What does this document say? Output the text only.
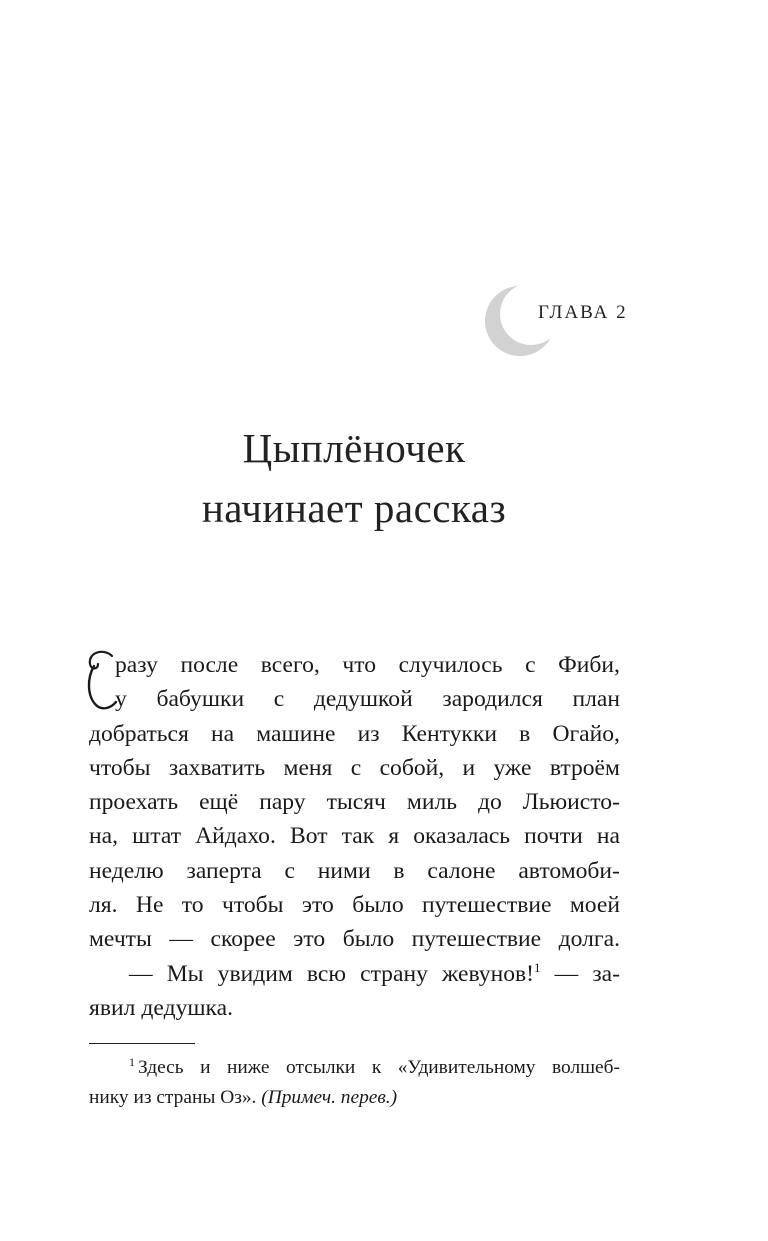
ГЛАВА 2
Цыплёночек
начинает рассказ
С
разу после всего, что случилось с Фиби,
у бабушки с дедушкой зародился план
добраться на машине из Кентукки в Огайо,
чтобы захватить меня с собой, и уже втроём
проехать ещё пару тысяч миль до Льюисто-
на, штат Айдахо. Вот так я оказалась почти на
неделю заперта с ними в салоне автомоби-
ля. Не то чтобы это было путешествие моей
мечты — скорее это было путешествие долга.
— Мы увидим всю страну жевунов!$^1$ — за-
явил дедушка.
$^1$ Здесь и ниже отсылки к «Удивительному волшеб-
нику из страны Оз». (Примеч. перев.)
